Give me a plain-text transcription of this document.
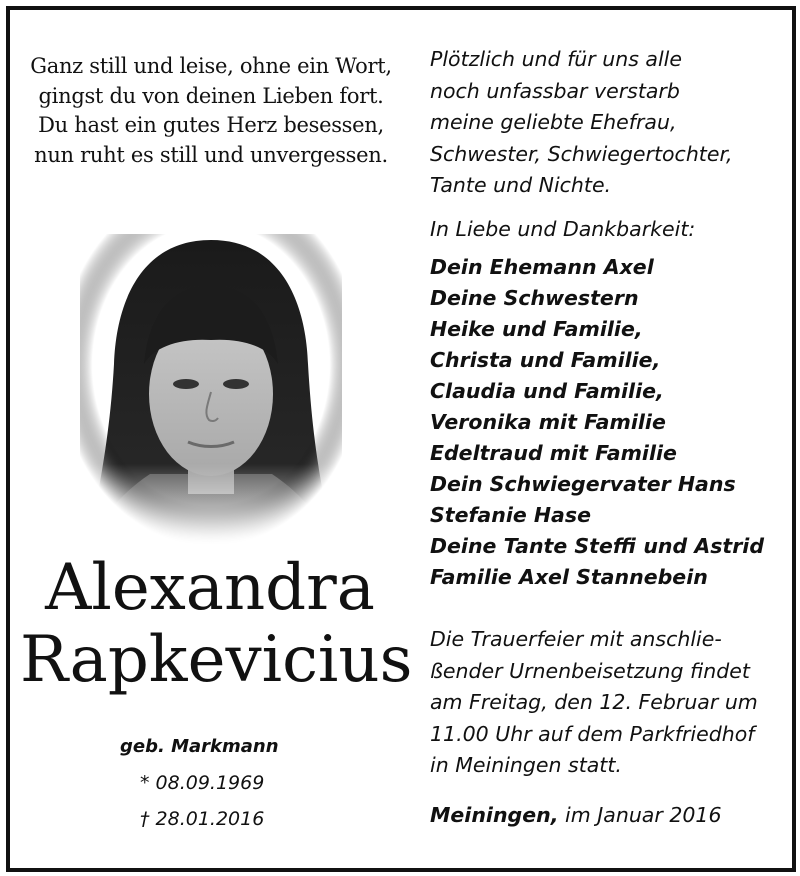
Ganz still und leise, ohne ein Wort,
gingst du von deinen Lieben fort.
Du hast ein gutes Herz besessen,
nun ruht es still und unvergessen.
Alexandra
Rapkevicius
geb. Markmann
* 08.09.1969
† 28.01.2016
Plötzlich und für uns alle
noch unfassbar verstarb
meine geliebte Ehefrau,
Schwester, Schwiegertochter,
Tante und Nichte.
In Liebe und Dankbarkeit:
Dein Ehemann Axel
Deine Schwestern
Heike und Familie,
Christa und Familie,
Claudia und Familie,
Veronika mit Familie
Edeltraud mit Familie
Dein Schwiegervater Hans
Stefanie Hase
Deine Tante Steffi und Astrid
Familie Axel Stannebein
Die Trauerfeier mit anschlie-
ßender Urnenbeisetzung findet
am Freitag, den 12. Februar um
11.00 Uhr auf dem Parkfriedhof
in Meiningen statt.
Meiningen, im Januar 2016
